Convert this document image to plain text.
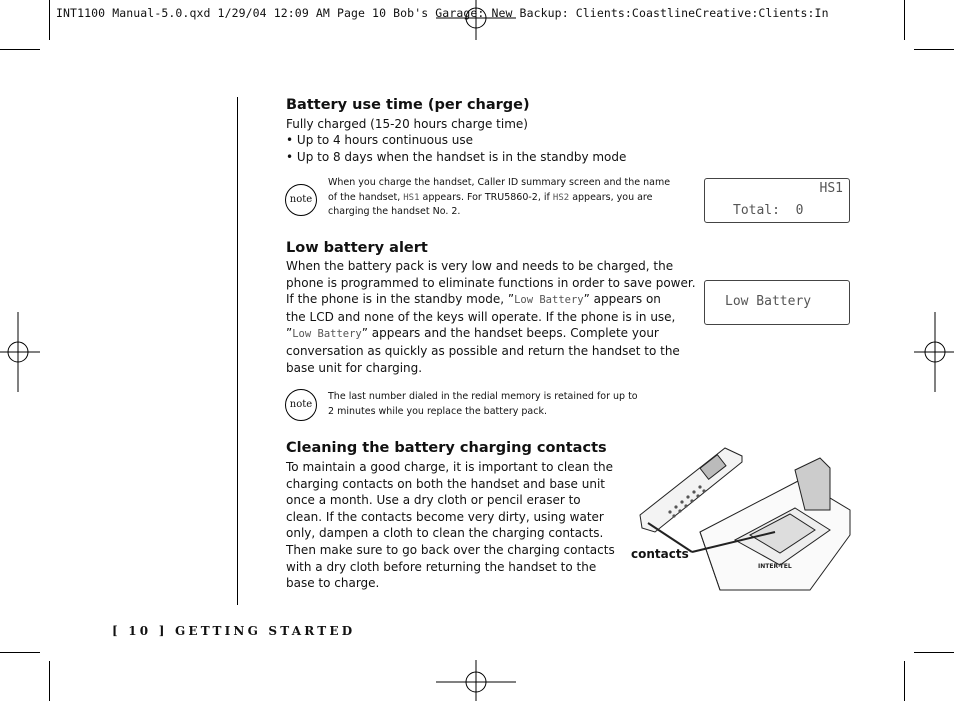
INT1100 Manual-5.0.qxd 1/29/04 12:09 AM Page 10 Bob's Garage: New Backup: Clients:CoastlineCreative:Clients:In
Battery use time (per charge)
Fully charged (15-20 hours charge time)
• Up to 4 hours continuous use
• Up to 8 days when the handset is in the standby mode
note
When you charge the handset, Caller ID summary screen and the name
of the handset, HS1 appears. For TRU5860-2, if HS2 appears, you are
charging the handset No. 2.
HS1
Total:  0
Low battery alert
When the battery pack is very low and needs to be charged, the
phone is programmed to eliminate functions in order to save power.
If the phone is in the standby mode, ”Low Battery” appears on
the LCD and none of the keys will operate. If the phone is in use,
”Low Battery” appears and the handset beeps. Complete your
conversation as quickly as possible and return the handset to the
base unit for charging.
Low Battery
note
The last number dialed in the redial memory is retained for up to
2 minutes while you replace the battery pack.
Cleaning the battery charging contacts
To maintain a good charge, it is important to clean the
charging contacts on both the handset and base unit
once a month. Use a dry cloth or pencil eraser to
clean. If the contacts become very dirty, using water
only, dampen a cloth to clean the charging contacts.
Then make sure to go back over the charging contacts
with a dry cloth before returning the handset to the
base to charge.
INTER-TEL
contacts
[ 10 ] GETTING STARTED
